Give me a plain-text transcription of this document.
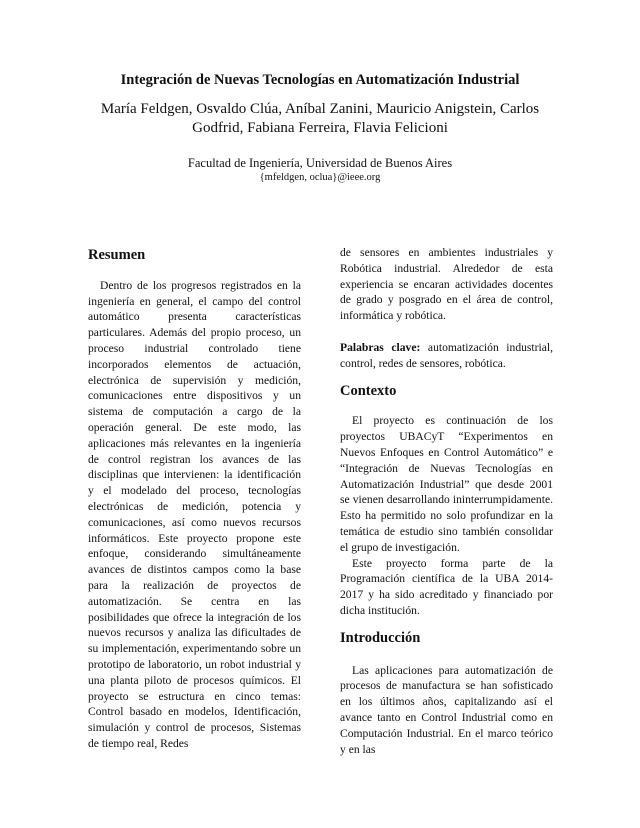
Integración de Nuevas Tecnologías en Automatización Industrial

María Feldgen, Osvaldo Clúa, Aníbal Zanini, Mauricio Anigstein, Carlos Godfrid, Fabiana Ferreira, Flavia Felicioni

Facultad de Ingeniería, Universidad de Buenos Aires

{mfeldgen, oclua}@ieee.org

Resumen

Dentro de los progresos registrados en la ingeniería en general, el campo del control automático presenta características particulares. Además del propio proceso, un proceso industrial controlado tiene incorporados elementos de actuación, electrónica de supervisión y medición, comunicaciones entre dispositivos y un sistema de computación a cargo de la operación general. De este modo, las aplicaciones más relevantes en la ingeniería de control registran los avances de las disciplinas que intervienen: la identificación y el modelado del proceso, tecnologías electrónicas de medición, potencia y comunicaciones, así como nuevos recursos informáticos. Este proyecto propone este enfoque, considerando simultáneamente avances de distintos campos como la base para la realización de proyectos de automatización. Se centra en las posibilidades que ofrece la integración de los nuevos recursos y analiza las dificultades de su implementación, experimentando sobre un prototipo de laboratorio, un robot industrial y una planta piloto de procesos químicos. El proyecto se estructura en cinco temas: Control basado en modelos, Identificación, simulación y control de procesos, Sistemas de tiempo real, Redes

de sensores en ambientes industriales y Robótica industrial. Alrededor de esta experiencia se encaran actividades docentes de grado y posgrado en el área de control, informática y robótica.

Palabras clave: automatización industrial, control, redes de sensores, robótica.

Contexto

El proyecto es continuación de los proyectos UBACyT “Experimentos en Nuevos Enfoques en Control Automático” e “Integración de Nuevas Tecnologías en Automatización Industrial” que desde 2001 se vienen desarrollando ininterrumpidamente. Esto ha permitido no solo profundizar en la temática de estudio sino también consolidar el grupo de investigación.

Este proyecto forma parte de la Programación científica de la UBA 2014-2017 y ha sido acreditado y financiado por dicha institución.

Introducción

Las aplicaciones para automatización de procesos de manufactura se han sofisticado en los últimos años, capitalizando así el avance tanto en Control Industrial como en Computación Industrial. En el marco teórico y en las
